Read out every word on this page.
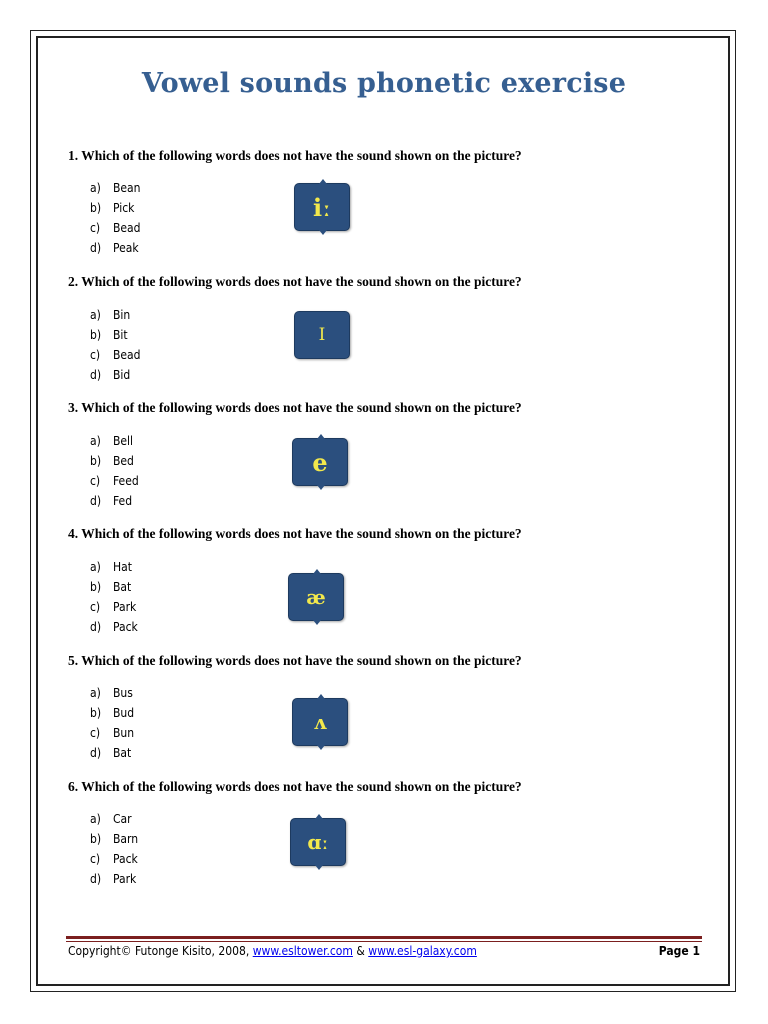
Vowel sounds phonetic exercise
1. Which of the following words does not have the sound shown on the picture?
a) Bean
b) Pick
c) Bead
d) Peak
iː
2. Which of the following words does not have the sound shown on the picture?
a) Bin
b) Bit
c) Bead
d) Bid
I
3. Which of the following words does not have the sound shown on the picture?
a) Bell
b) Bed
c) Feed
d) Fed
e
4. Which of the following words does not have the sound shown on the picture?
a) Hat
b) Bat
c) Park
d) Pack
æ
5. Which of the following words does not have the sound shown on the picture?
a) Bus
b) Bud
c) Bun
d) Bat
ʌ
6. Which of the following words does not have the sound shown on the picture?
a) Car
b) Barn
c) Pack
d) Park
ɑː
Copyright© Futonge Kisito, 2008, www.esltower.com & www.esl-galaxy.com	Page 1
